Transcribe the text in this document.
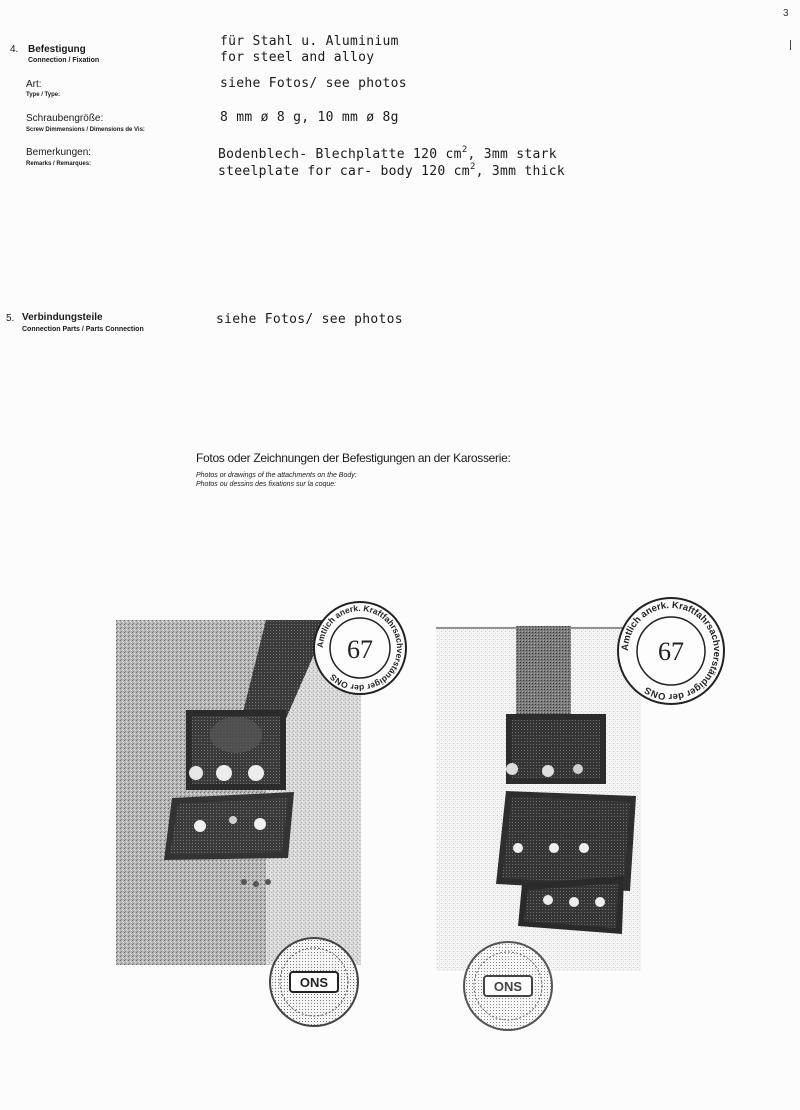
3
4. Befestigung
Connection / Fixation
für Stahl u. Aluminium
for steel and alloy
Art:
Type / Type:
siehe Fotos/ see photos
Schraubengröße:
Screw Dimmensions / Dimensions de Vis:
8 mm ø 8 g, 10 mm ø 8g
Bemerkungen:
Remarks / Remarques:
Bodenblech- Blechplatte 120 $cm^2$, 3mm stark
steelplate for car- body 120 $cm^2$, 3mm thick
5. Verbindungsteile
Connection Parts / Parts Connection
siehe Fotos/ see photos
Fotos oder Zeichnungen der Befestigungen an der Karosserie:
Photos or drawings of the attachments on the Body:
Photos ou dessins des fixations sur la coque:
Amtlich anerk. Kraftfahrsachverständiger der ONS
67	Amtlich anerk. Kraftfahrsachverständiger der ONS
67
ONS	ONS
